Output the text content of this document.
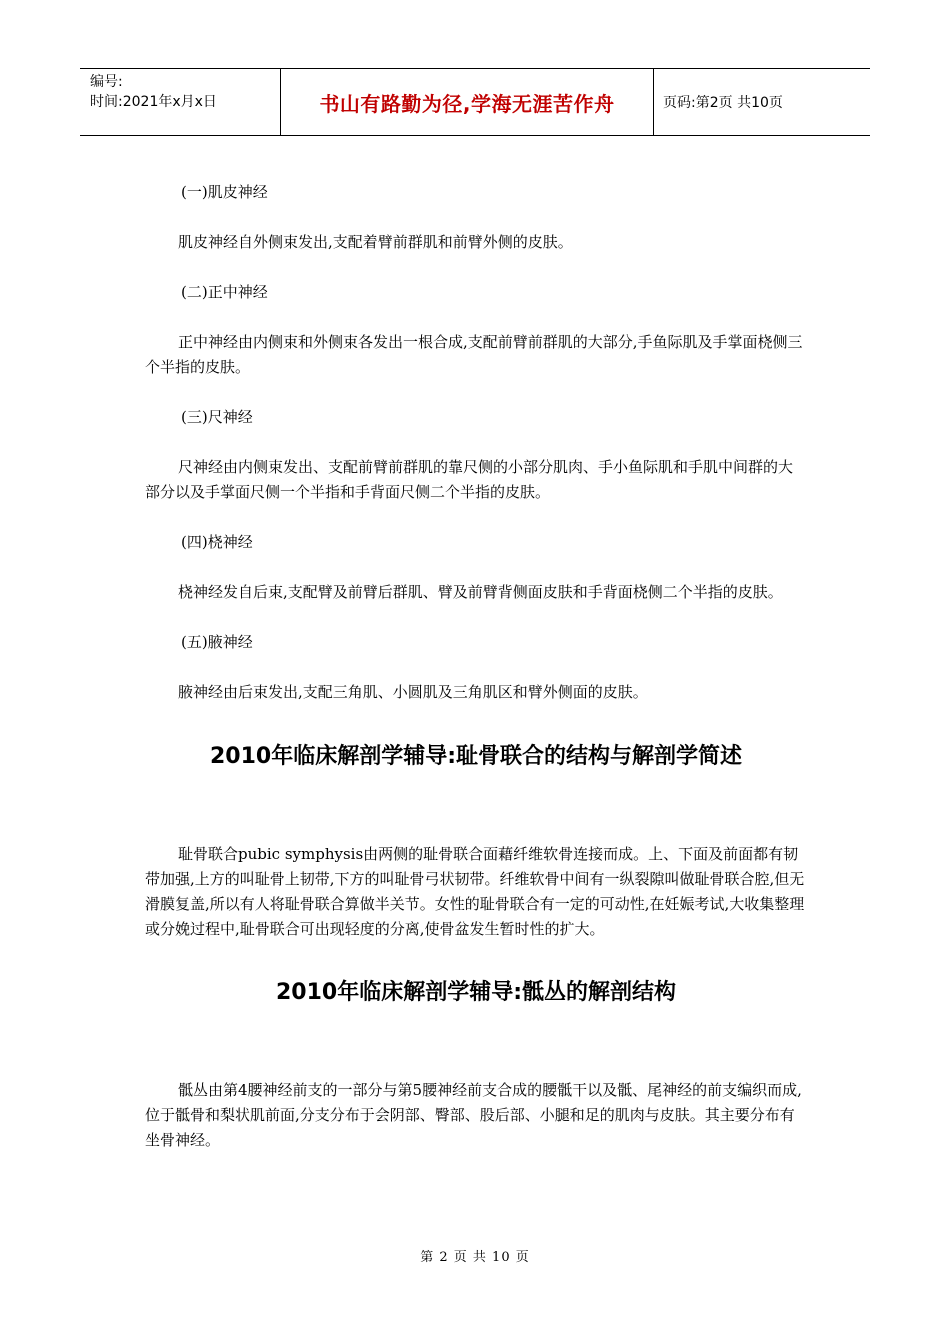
编号:
时间:2021年x月x日	书山有路勤为径,学海无涯苦作舟	页码:第2页 共10页

(一)肌皮神经

肌皮神经自外侧束发出,支配着臂前群肌和前臂外侧的皮肤。

(二)正中神经

正中神经由内侧束和外侧束各发出一根合成,支配前臂前群肌的大部分,手鱼际肌及手掌面桡侧三个半指的皮肤。

(三)尺神经

尺神经由内侧束发出、支配前臂前群肌的靠尺侧的小部分肌肉、手小鱼际肌和手肌中间群的大部分以及手掌面尺侧一个半指和手背面尺侧二个半指的皮肤。

(四)桡神经

桡神经发自后束,支配臂及前臂后群肌、臂及前臂背侧面皮肤和手背面桡侧二个半指的皮肤。

(五)腋神经

腋神经由后束发出,支配三角肌、小圆肌及三角肌区和臂外侧面的皮肤。

2010年临床解剖学辅导:耻骨联合的结构与解剖学简述

耻骨联合pubic symphysis由两侧的耻骨联合面藉纤维软骨连接而成。上、下面及前面都有韧带加强,上方的叫耻骨上韧带,下方的叫耻骨弓状韧带。纤维软骨中间有一纵裂隙叫做耻骨联合腔,但无滑膜复盖,所以有人将耻骨联合算做半关节。女性的耻骨联合有一定的可动性,在妊娠考试,大收集整理或分娩过程中,耻骨联合可出现轻度的分离,使骨盆发生暂时性的扩大。

2010年临床解剖学辅导:骶丛的解剖结构

骶丛由第4腰神经前支的一部分与第5腰神经前支合成的腰骶干以及骶、尾神经的前支编织而成,位于骶骨和梨状肌前面,分支分布于会阴部、臀部、股后部、小腿和足的肌肉与皮肤。其主要分布有坐骨神经。

第 2 页 共 10 页
